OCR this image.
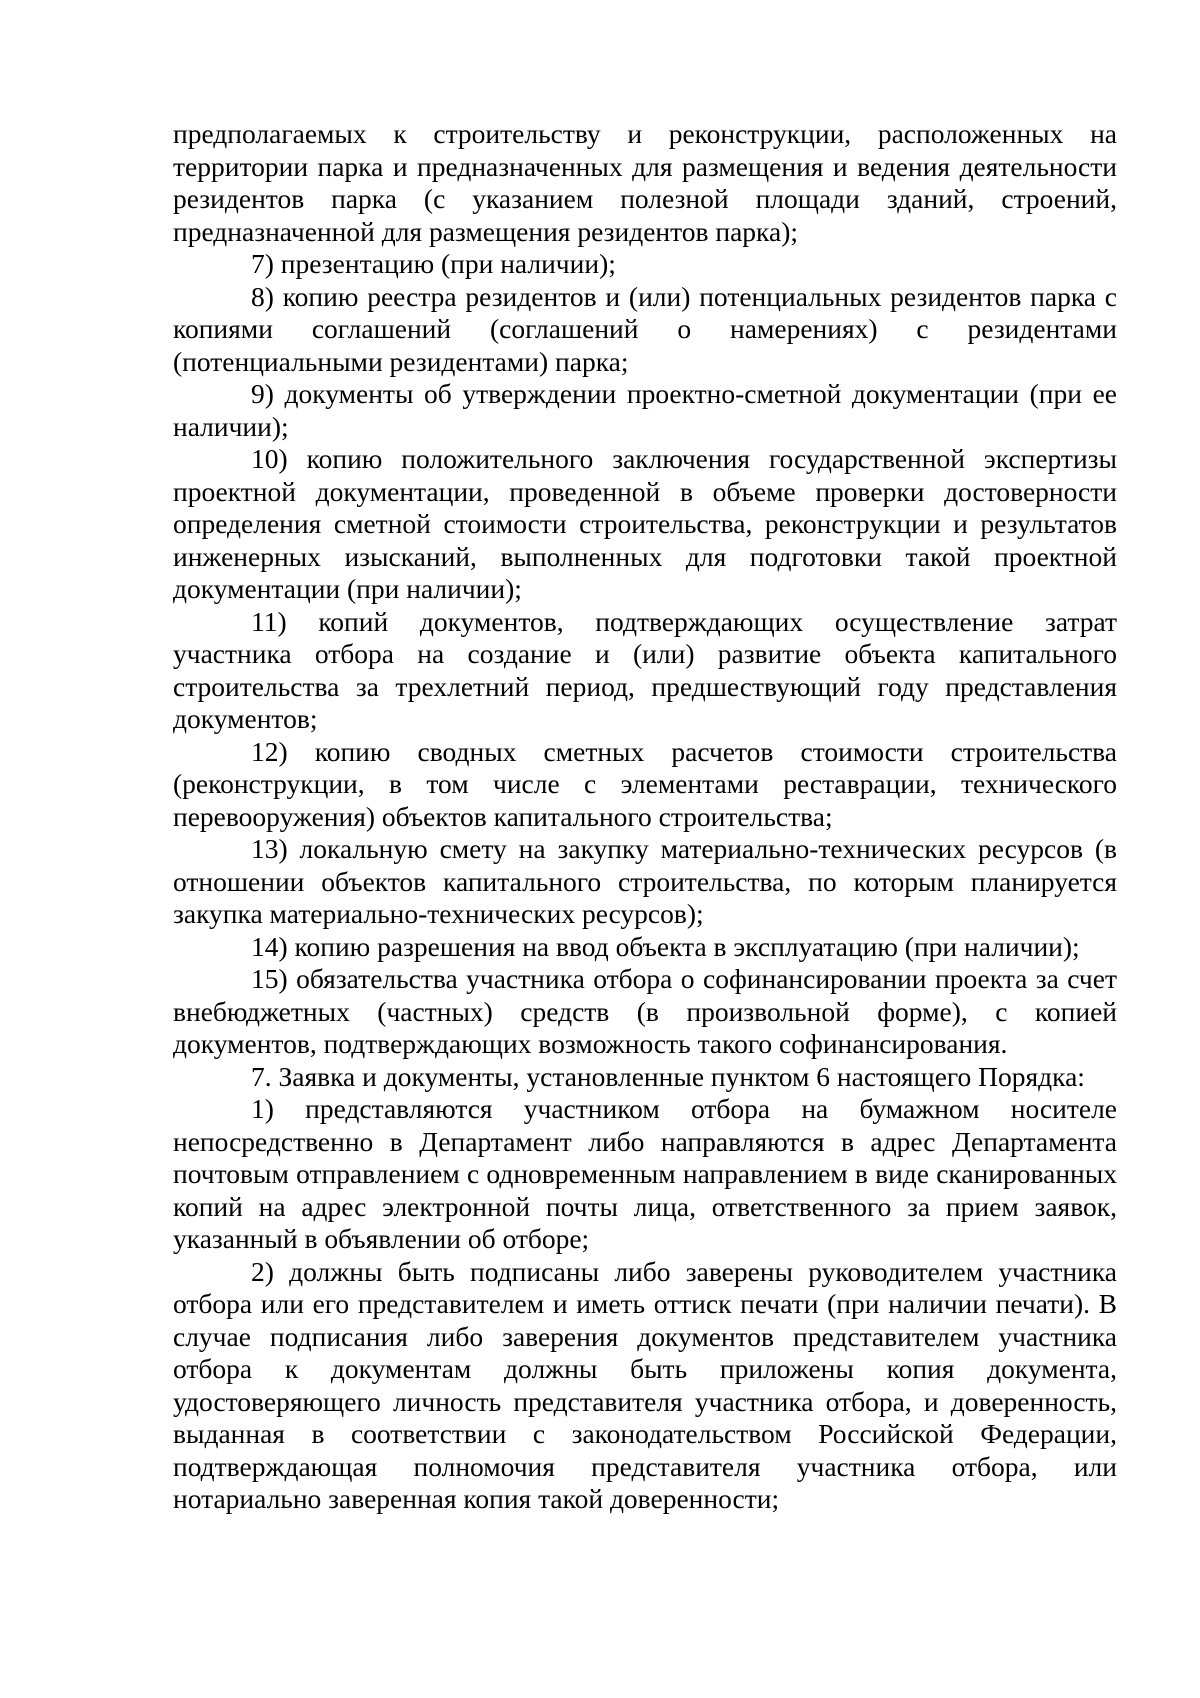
предполагаемых к строительству и реконструкции, расположенных на территории парка и предназначенных для размещения и ведения деятельности резидентов парка (с указанием полезной площади зданий, строений, предназначенной для размещения резидентов парка);

7) презентацию (при наличии);

8) копию реестра резидентов и (или) потенциальных резидентов парка с копиями соглашений (соглашений о намерениях) с резидентами (потенциальными резидентами) парка;

9) документы об утверждении проектно-сметной документации (при ее наличии);

10) копию положительного заключения государственной экспертизы проектной документации, проведенной в объеме проверки достоверности определения сметной стоимости строительства, реконструкции и результатов инженерных изысканий, выполненных для подготовки такой проектной документации (при наличии);

11) копий документов, подтверждающих осуществление затрат участника отбора на создание и (или) развитие объекта капитального строительства за трехлетний период, предшествующий году представления документов;

12) копию сводных сметных расчетов стоимости строительства (реконструкции, в том числе с элементами реставрации, технического перевооружения) объектов капитального строительства;

13) локальную смету на закупку материально-технических ресурсов (в отношении объектов капитального строительства, по которым планируется закупка материально-технических ресурсов);

14) копию разрешения на ввод объекта в эксплуатацию (при наличии);

15) обязательства участника отбора о софинансировании проекта за счет внебюджетных (частных) средств (в произвольной форме), с копией документов, подтверждающих возможность такого софинансирования.

7. Заявка и документы, установленные пунктом 6 настоящего Порядка:

1) представляются участником отбора на бумажном носителе непосредственно в Департамент либо направляются в адрес Департамента почтовым отправлением с одновременным направлением в виде сканированных копий на адрес электронной почты лица, ответственного за прием заявок, указанный в объявлении об отборе;

2) должны быть подписаны либо заверены руководителем участника отбора или его представителем и иметь оттиск печати (при наличии печати). В случае подписания либо заверения документов представителем участника отбора к документам должны быть приложены копия документа, удостоверяющего личность представителя участника отбора, и доверенность, выданная в соответствии с законодательством Российской Федерации, подтверждающая полномочия представителя участника отбора, или нотариально заверенная копия такой доверенности;
